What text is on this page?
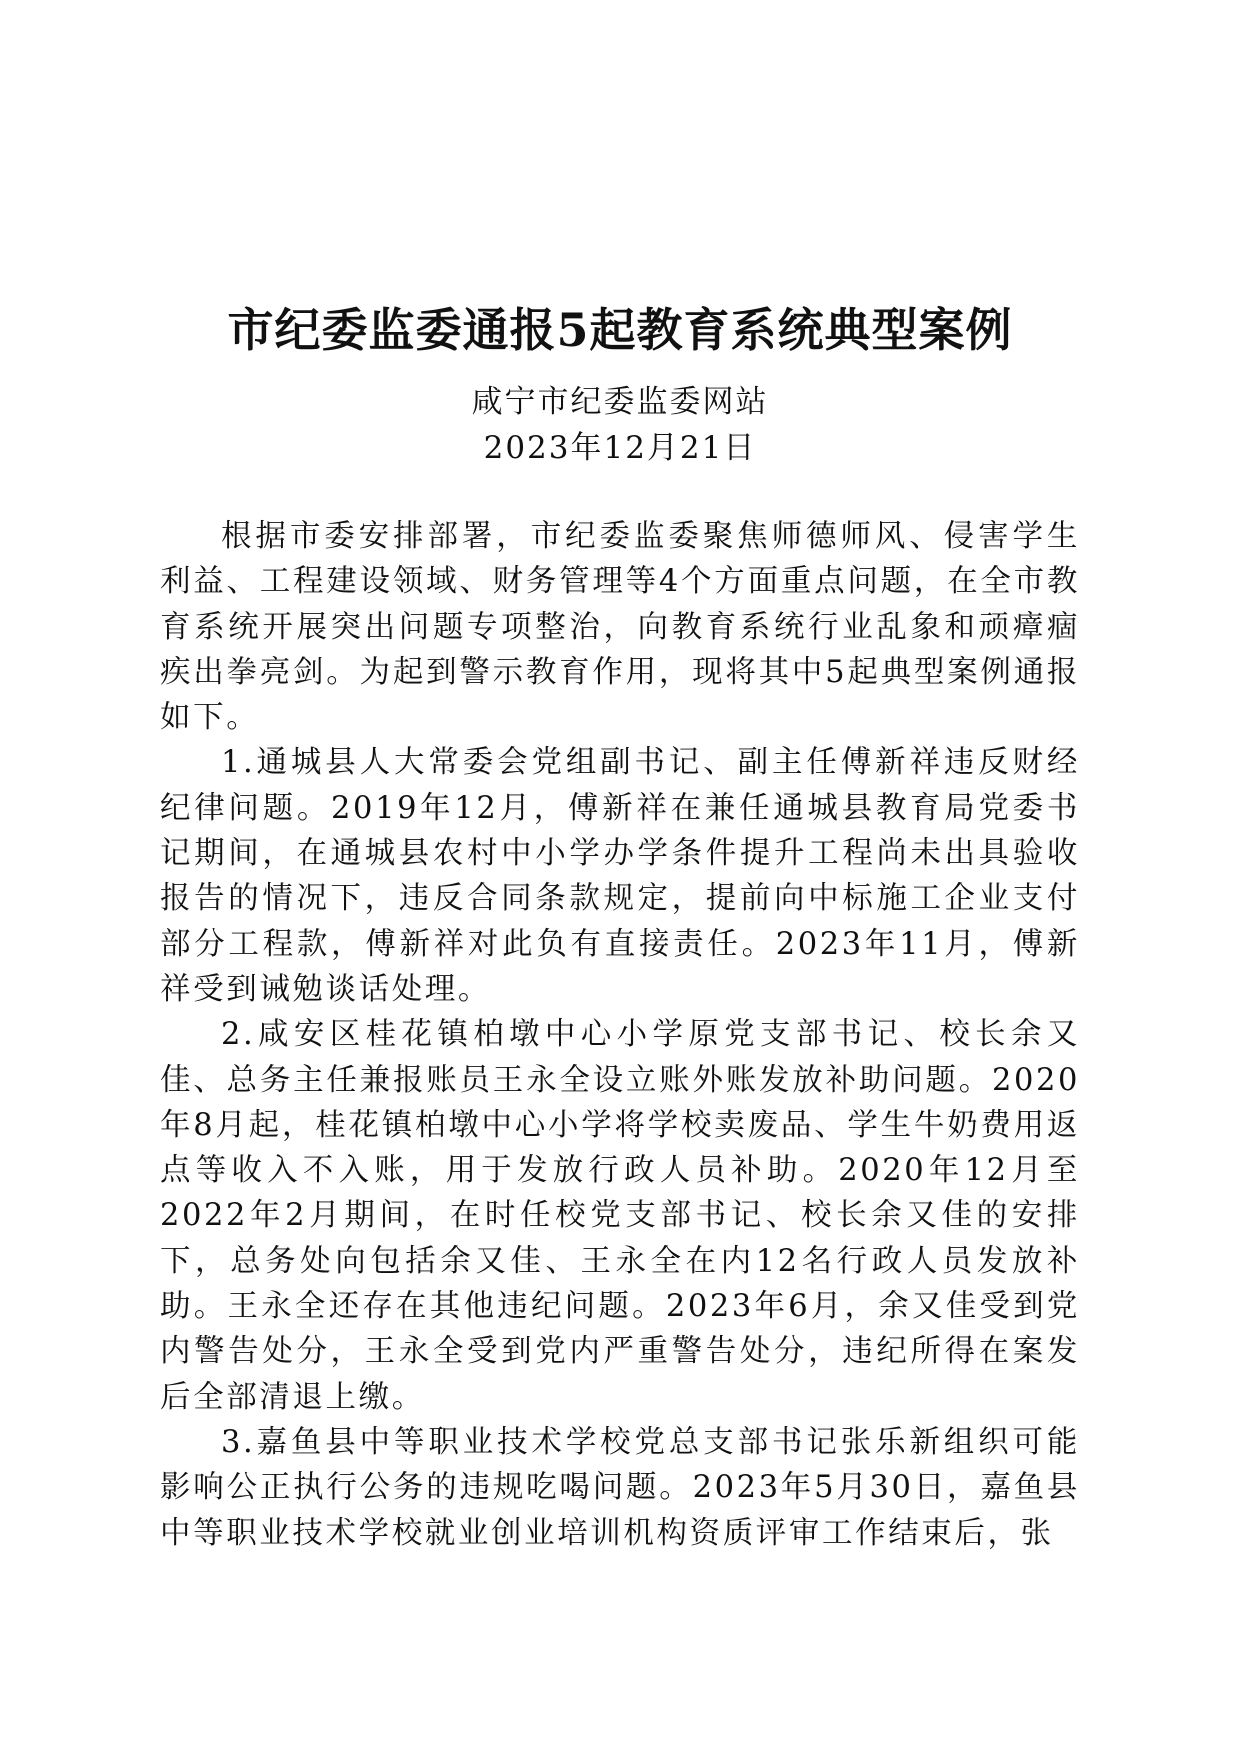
市纪委监委通报5起教育系统典型案例
咸宁市纪委监委网站
2023年12月21日

根据市委安排部署，市纪委监委聚焦师德师风、侵害学生利益、工程建设领域、财务管理等4个方面重点问题，在全市教育系统开展突出问题专项整治，向教育系统行业乱象和顽瘴痼疾出拳亮剑。为起到警示教育作用，现将其中5起典型案例通报如下。

1.通城县人大常委会党组副书记、副主任傅新祥违反财经纪律问题。2019年12月，傅新祥在兼任通城县教育局党委书记期间，在通城县农村中小学办学条件提升工程尚未出具验收报告的情况下，违反合同条款规定，提前向中标施工企业支付部分工程款，傅新祥对此负有直接责任。2023年11月，傅新祥受到诫勉谈话处理。

2.咸安区桂花镇柏墩中心小学原党支部书记、校长余又佳、总务主任兼报账员王永全设立账外账发放补助问题。2020年8月起，桂花镇柏墩中心小学将学校卖废品、学生牛奶费用返点等收入不入账，用于发放行政人员补助。2020年12月至2022年2月期间，在时任校党支部书记、校长余又佳的安排下，总务处向包括余又佳、王永全在内12名行政人员发放补助。王永全还存在其他违纪问题。2023年6月，余又佳受到党内警告处分，王永全受到党内严重警告处分，违纪所得在案发后全部清退上缴。

3.嘉鱼县中等职业技术学校党总支部书记张乐新组织可能影响公正执行公务的违规吃喝问题。2023年5月30日，嘉鱼县中等职业技术学校就业创业培训机构资质评审工作结束后，张
